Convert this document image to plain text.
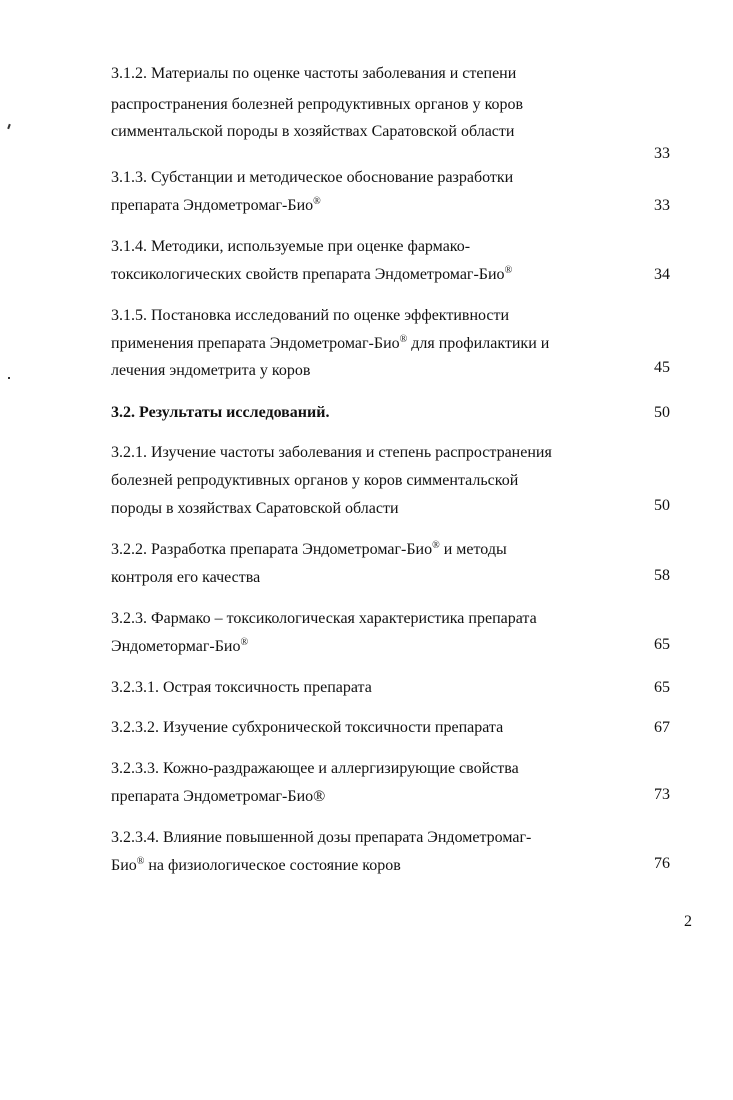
3.1.2. Материалы по оценке частоты заболевания и степени
распространения болезней репродуктивных органов у коров
симментальской породы в хозяйствах Саратовской области
33
3.1.3. Субстанции и методическое обоснование разработки
препарата Эндометромаг-Био®	33
3.1.4. Методики, используемые при оценке фармако-
токсикологических свойств препарата Эндометромаг-Био®	34
3.1.5. Постановка исследований по оценке эффективности
применения препарата Эндометромаг-Био® для профилактики и
лечения эндометрита у коров	45
3.2. Результаты исследований.	50
3.2.1. Изучение частоты заболевания и степень распространения
болезней репродуктивных органов у коров симментальской
породы в хозяйствах Саратовской области	50
3.2.2. Разработка препарата Эндометромаг-Био® и методы
контроля его качества	58
3.2.3. Фармако – токсикологическая характеристика препарата
Эндометормаг-Био®	65
3.2.3.1. Острая токсичность препарата	65
3.2.3.2. Изучение субхронической токсичности препарата	67
3.2.3.3. Кожно-раздражающее и аллергизирующие свойства
препарата Эндометромаг-Био®	73
3.2.3.4. Влияние повышенной дозы препарата Эндометромаг-
Био® на физиологическое состояние коров	76
2
